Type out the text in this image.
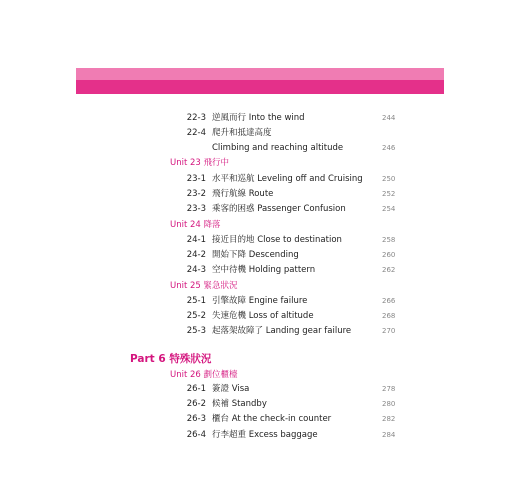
22-3 逆風而行 Into the wind	244
22-4 爬升和抵達高度
Climbing and reaching altitude	246
Unit 23 飛行中
23-1 水平和巡航 Leveling off and Cruising	250
23-2 飛行航線 Route	252
23-3 乘客的困惑 Passenger Confusion	254
Unit 24 降落
24-1 接近目的地 Close to destination	258
24-2 開始下降 Descending	260
24-3 空中待機 Holding pattern	262
Unit 25 緊急狀況
25-1 引擎故障 Engine failure	266
25-2 失速危機 Loss of altitude	268
25-3 起落架故障了 Landing gear failure	270
Part 6 特殊狀況
Unit 26 劃位櫃檯
26-1 簽證 Visa	278
26-2 候補 Standby	280
26-3 櫃台 At the check-in counter	282
26-4 行李超重 Excess baggage	284
